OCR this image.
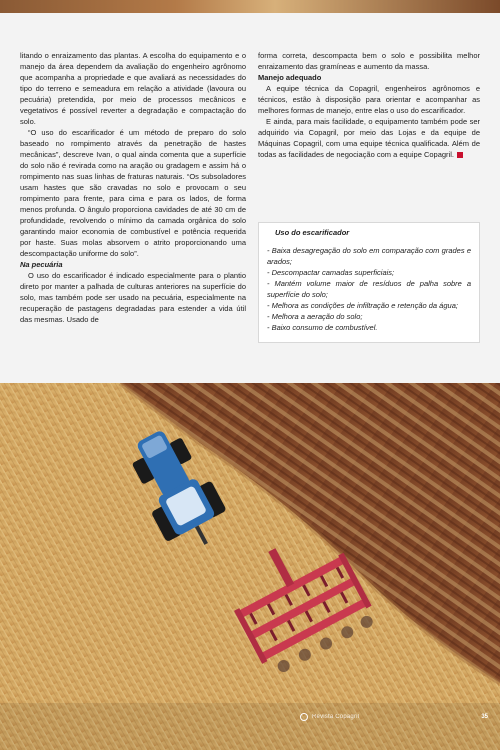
litando o enraizamento das plantas. A escolha do equipamento e o manejo da área dependem da avaliação do engenheiro agrônomo que acompanha a propriedade e que avaliará as necessidades do tipo do terreno e semeadura em relação a atividade (lavoura ou pecuária) pretendida, por meio de processos mecânicos e vegetativos é possível reverter a degradação e compactação do solo.

“O uso do escarificador é um método de preparo do solo baseado no rompimento através da penetração de hastes mecânicas”, descreve Ivan, o qual ainda comenta que a superfície do solo não é revirada como na aração ou gradagem e assim há o rompimento nas suas linhas de fraturas naturais. “Os subsoladores usam hastes que são cravadas no solo e provocam o seu rompimento para frente, para cima e para os lados, de forma menos profunda. O ângulo proporciona cavidades de até 30 cm de profundidade, revolvendo o mínimo da camada orgânica do solo garantindo maior economia de combustível e potência requerida por haste. Suas molas absorvem o atrito proporcionando uma descompactação uniforme do solo”.

Na pecuária

O uso do escarificador é indicado especialmente para o plantio direto por manter a palhada de culturas anteriores na superfície do solo, mas também pode ser usado na pecuária, especialmente na recuperação de pastagens degradadas para estender a vida útil das mesmas. Usado de

forma correta, descompacta bem o solo e possibilita melhor enraizamento das gramíneas e aumento da massa.

Manejo adequado

A equipe técnica da Copagril, engenheiros agrônomos e técnicos, estão à disposição para orientar e acompanhar as melhores formas de manejo, entre elas o uso do escarificador.

E ainda, para mais facilidade, o equipamento também pode ser adquirido via Copagril, por meio das Lojas e da equipe de Máquinas Copagril, com uma equipe técnica qualificada. Além de todas as facilidades de negociação com a equipe Copagril.

Uso do escarificador

- Baixa desagregação do solo em comparação com grades e arados;

- Descompactar camadas superficiais;

- Mantém volume maior de resíduos de palha sobre a superfície do solo;

- Melhora as condições de infiltração e retenção da água;

- Melhora a aeração do solo;

- Baixo consumo de combustível.

Revista Copagril	35
